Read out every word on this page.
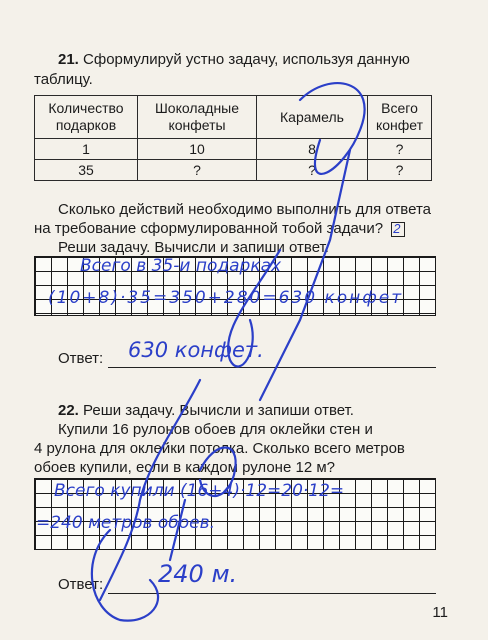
21. Сформулируй устно задачу, используя данную
таблицу.
Количество подарков	Шоколадные конфеты	Карамель	Всего конфет
1	10	8	?
35	?	?	?
Сколько действий необходимо выполнить для ответа
на требование сформулированной тобой задачи? 2
Реши задачу. Вычисли и запиши ответ.
Всего в 35-и подарках
(10+8)·35=350+280=630 конфет
Ответ: 630 конфет.
22. Реши задачу. Вычисли и запиши ответ.
Купили 16 рулонов обоев для оклейки стен и
4 рулона для оклейки потолка. Сколько всего метров
обоев купили, если в каждом рулоне 12 м?
Всего купили (16+4)·12=20·12=
=240 метров обоев.
Ответ: 240 м.
11
